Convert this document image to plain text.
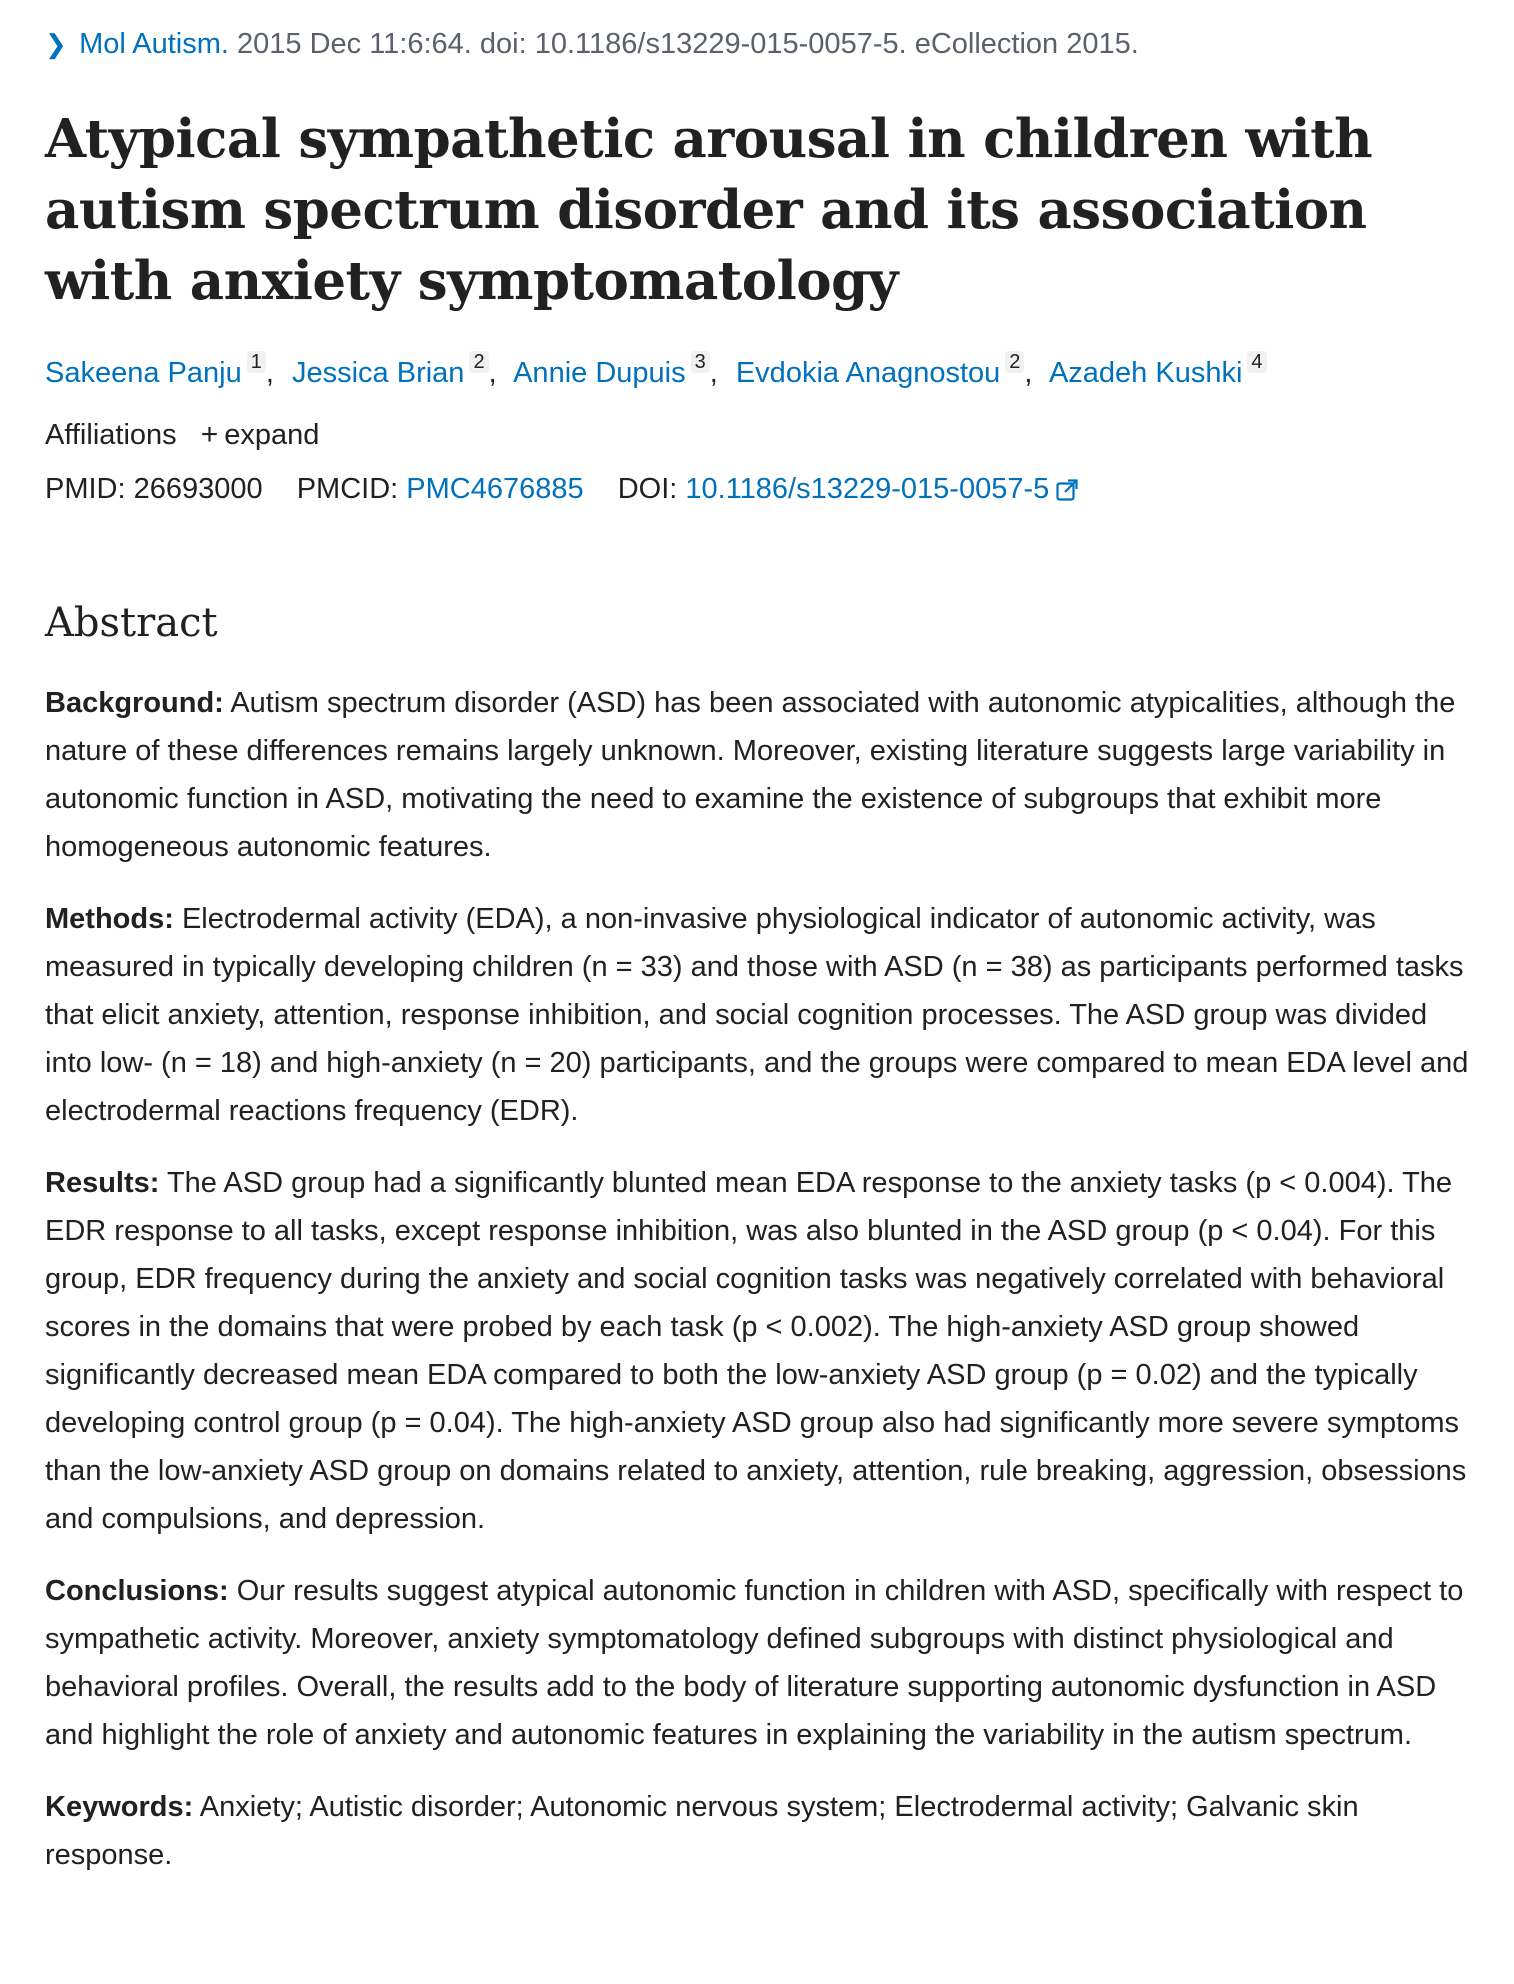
❯ Mol Autism. 2015 Dec 11:6:64. doi: 10.1186/s13229-015-0057-5. eCollection 2015.
Atypical sympathetic arousal in children with autism spectrum disorder and its association with anxiety symptomatology
Sakeena Panju $^1$ , Jessica Brian $^2$ , Annie Dupuis $^3$ , Evdokia Anagnostou $^2$ , Azadeh Kushki $^4$
Affiliations + expand
PMID: 26693000 PMCID: PMC4676885 DOI: 10.1186/s13229-015-0057-5
Abstract

Background: Autism spectrum disorder (ASD) has been associated with autonomic atypicalities, although the nature of these differences remains largely unknown. Moreover, existing literature suggests large variability in autonomic function in ASD, motivating the need to examine the existence of subgroups that exhibit more homogeneous autonomic features.

Methods: Electrodermal activity (EDA), a non-invasive physiological indicator of autonomic activity, was measured in typically developing children (n = 33) and those with ASD (n = 38) as participants performed tasks that elicit anxiety, attention, response inhibition, and social cognition processes. The ASD group was divided into low- (n = 18) and high-anxiety (n = 20) participants, and the groups were compared to mean EDA level and electrodermal reactions frequency (EDR).

Results: The ASD group had a significantly blunted mean EDA response to the anxiety tasks (p < 0.004). The EDR response to all tasks, except response inhibition, was also blunted in the ASD group (p < 0.04). For this group, EDR frequency during the anxiety and social cognition tasks was negatively correlated with behavioral scores in the domains that were probed by each task (p < 0.002). The high-anxiety ASD group showed significantly decreased mean EDA compared to both the low-anxiety ASD group (p = 0.02) and the typically developing control group (p = 0.04). The high-anxiety ASD group also had significantly more severe symptoms than the low-anxiety ASD group on domains related to anxiety, attention, rule breaking, aggression, obsessions and compulsions, and depression.

Conclusions: Our results suggest atypical autonomic function in children with ASD, specifically with respect to sympathetic activity. Moreover, anxiety symptomatology defined subgroups with distinct physiological and behavioral profiles. Overall, the results add to the body of literature supporting autonomic dysfunction in ASD and highlight the role of anxiety and autonomic features in explaining the variability in the autism spectrum.

Keywords: Anxiety; Autistic disorder; Autonomic nervous system; Electrodermal activity; Galvanic skin response.
